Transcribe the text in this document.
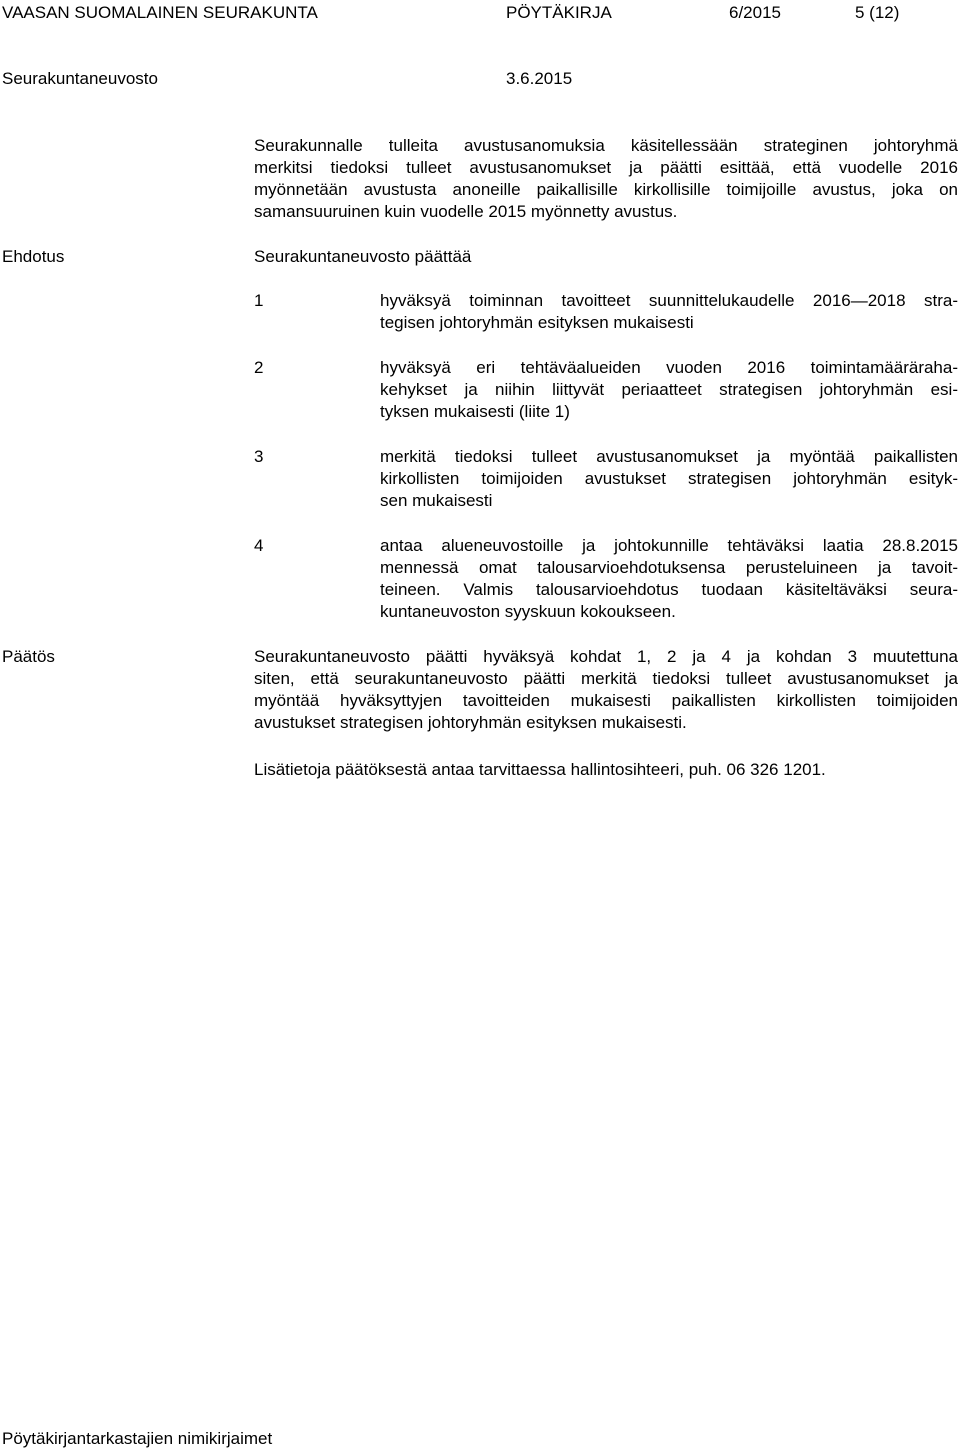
VAASAN SUOMALAINEN SEURAKUNTA	PÖYTÄKIRJA	6/2015	5 (12)
Seurakuntaneuvosto	3.6.2015
Seurakunnalle tulleita avustusanomuksia käsitellessään strateginen johtoryhmä
merkitsi tiedoksi tulleet avustusanomukset ja päätti esittää, että vuodelle 2016
myönnetään avustusta anoneille paikallisille kirkollisille toimijoille avustus, joka on
samansuuruinen kuin vuodelle 2015 myönnetty avustus.
Ehdotus	Seurakuntaneuvosto päättää
1	hyväksyä toiminnan tavoitteet suunnittelukaudelle 2016—2018 stra-
tegisen johtoryhmän esityksen mukaisesti
2	hyväksyä eri tehtäväalueiden vuoden 2016 toimintamäärärahа-
kehykset ja niihin liittyvät periaatteet strategisen johtoryhmän esi-
tyksen mukaisesti (liite 1)
3	merkitä tiedoksi tulleet avustusanomukset ja myöntää paikallisten
kirkollisten toimijoiden avustukset strategisen johtoryhmän esityk-
sen mukaisesti
4	antaa alueneuvostoille ja johtokunnille tehtäväksi laatia 28.8.2015
mennessä omat talousarvioehdotuksensa perusteluineen ja tavoit-
teineen. Valmis talousarvioehdotus tuodaan käsiteltäväksi seura-
kuntaneuvoston syyskuun kokoukseen.
Päätös	Seurakuntaneuvosto päätti hyväksyä kohdat 1, 2 ja 4 ja kohdan 3 muutettuna
siten, että seurakuntaneuvosto päätti merkitä tiedoksi tulleet avustusanomukset ja
myöntää hyväksyttyjen tavoitteiden mukaisesti paikallisten kirkollisten toimijoiden
avustukset strategisen johtoryhmän esityksen mukaisesti.
Lisätietoja päätöksestä antaa tarvittaessa hallintosihteeri, puh. 06 326 1201.
Pöytäkirjantarkastajien nimikirjaimet
